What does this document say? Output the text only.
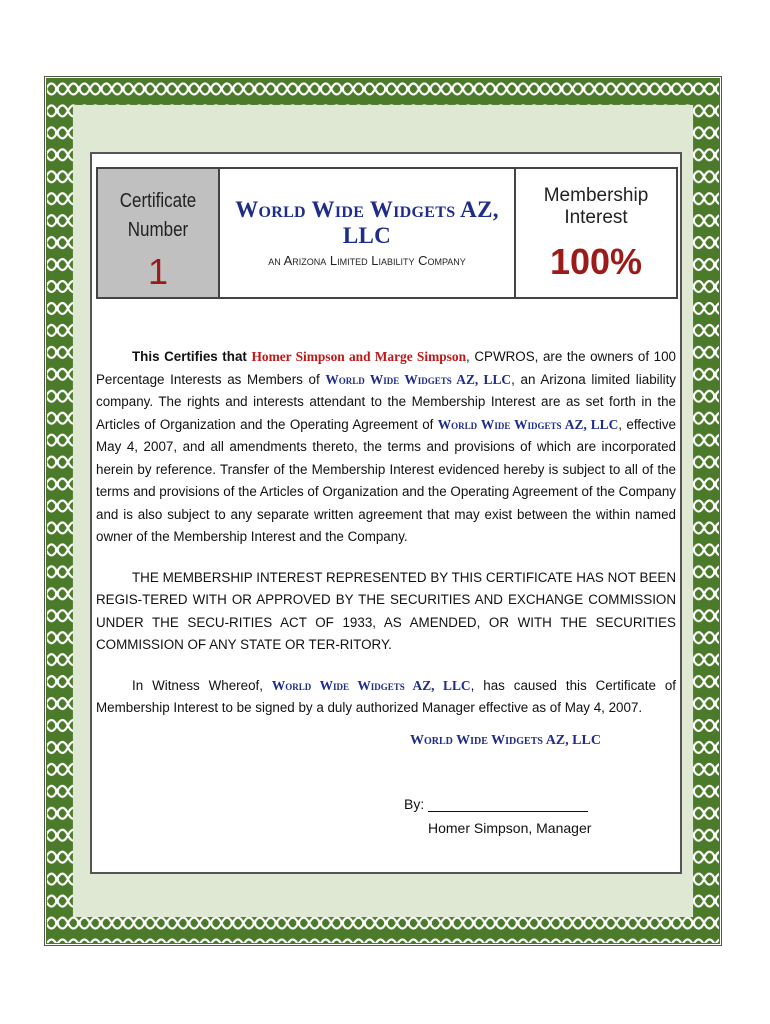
Certificate Number
1
World Wide Widgets AZ, LLC
an Arizona Limited Liability Company
Membership Interest
100%

This Certifies that Homer Simpson and Marge Simpson, CPWROS, are the owners of 100 Percentage Interests as Members of World Wide Widgets AZ, LLC, an Arizona limited liability company. The rights and interests attendant to the Membership Interest are as set forth in the Articles of Organization and the Operating Agreement of World Wide Widgets AZ, LLC, effective May 4, 2007, and all amendments thereto, the terms and provisions of which are incorporated herein by reference. Transfer of the Membership Interest evidenced hereby is subject to all of the terms and provisions of the Articles of Organization and the Operating Agreement of the Company and is also subject to any separate written agreement that may exist between the within named owner of the Membership Interest and the Company.

THE MEMBERSHIP INTEREST REPRESENTED BY THIS CERTIFICATE HAS NOT BEEN REGIS-TERED WITH OR APPROVED BY THE SECURITIES AND EXCHANGE COMMISSION UNDER THE SECU-RITIES ACT OF 1933, AS AMENDED, OR WITH THE SECURITIES COMMISSION OF ANY STATE OR TER-RITORY.

In Witness Whereof, World Wide Widgets AZ, LLC, has caused this Certificate of Membership Interest to be signed by a duly authorized Manager effective as of May 4, 2007.

World Wide Widgets AZ, LLC
By:
Homer Simpson, Manager
